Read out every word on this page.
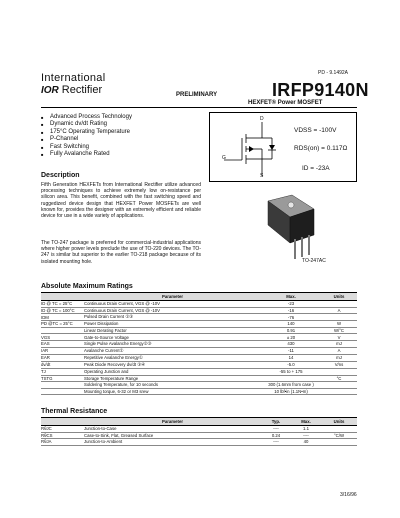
PD - 9.1492A
International
IOR Rectifier	PRELIMINARY	IRFP9140N
HEXFET® Power MOSFET
■ Advanced Process Technology
■ Dynamic dv/dt Rating
■ 175°C Operating Temperature
■ P-Channel
■ Fast Switching
■ Fully Avalanche Rated
D
G
S
VDSS = -100V
RDS(on) = 0.117Ω
ID = -23A
Description
Fifth Generation HEXFETs from International Rectifier utilize advanced processing techniques to achieve extremely low on-resistance per silicon area. This benefit, combined with the fast switching speed and ruggedized device design that HEXFET Power MOSFETs are well known for, provides the designer with an extremely efficient and reliable device for use in a wide variety of applications.
The TO-247 package is preferred for commercial-industrial applications where higher power levels preclude the use of TO-220 devices. The TO-247 is similar but superior to the earlier TO-218 package because of its isolated mounting hole.	TO-247AC
Absolute Maximum Ratings
	Parameter	Max.	Units
ID @ TC = 25°C	Continuous Drain Current, VGS @ -10V	-23	
ID @ TC = 100°C	Continuous Drain Current, VGS @ -10V	-16	A
IDM	Pulsed Drain Current ①③	-76	
PD @TC = 25°C	Power Dissipation	140	W
	Linear Derating Factor	0.91	W/°C
VGS	Gate-to-Source Voltage	± 20	V
EAS	Single Pulse Avalanche Energy②③	430	mJ
IAR	Avalanche Current①	-11	A
EAR	Repetitive Avalanche Energy①	14	mJ
dv/dt	Peak Diode Recovery dv/dt ③④	-5.0	V/ns
TJ	Operating Junction and	-55 to + 175	
TSTG	Storage Temperature Range		°C
	Soldering Temperature, for 10 seconds	300 (1.6mm from case )	
	Mounting torque, 6-32 or M3 srew	10 lbf•in (1.1N•m)	
Thermal Resistance
	Parameter	Typ.	Max.	Units
RθJC	Junction-to-Case	----	1.1	
RθCS	Case-to-Sink, Flat, Greased Surface	0.24	----	°C/W
RθJA	Junction-to-Ambient	----	40	
3/16/96
